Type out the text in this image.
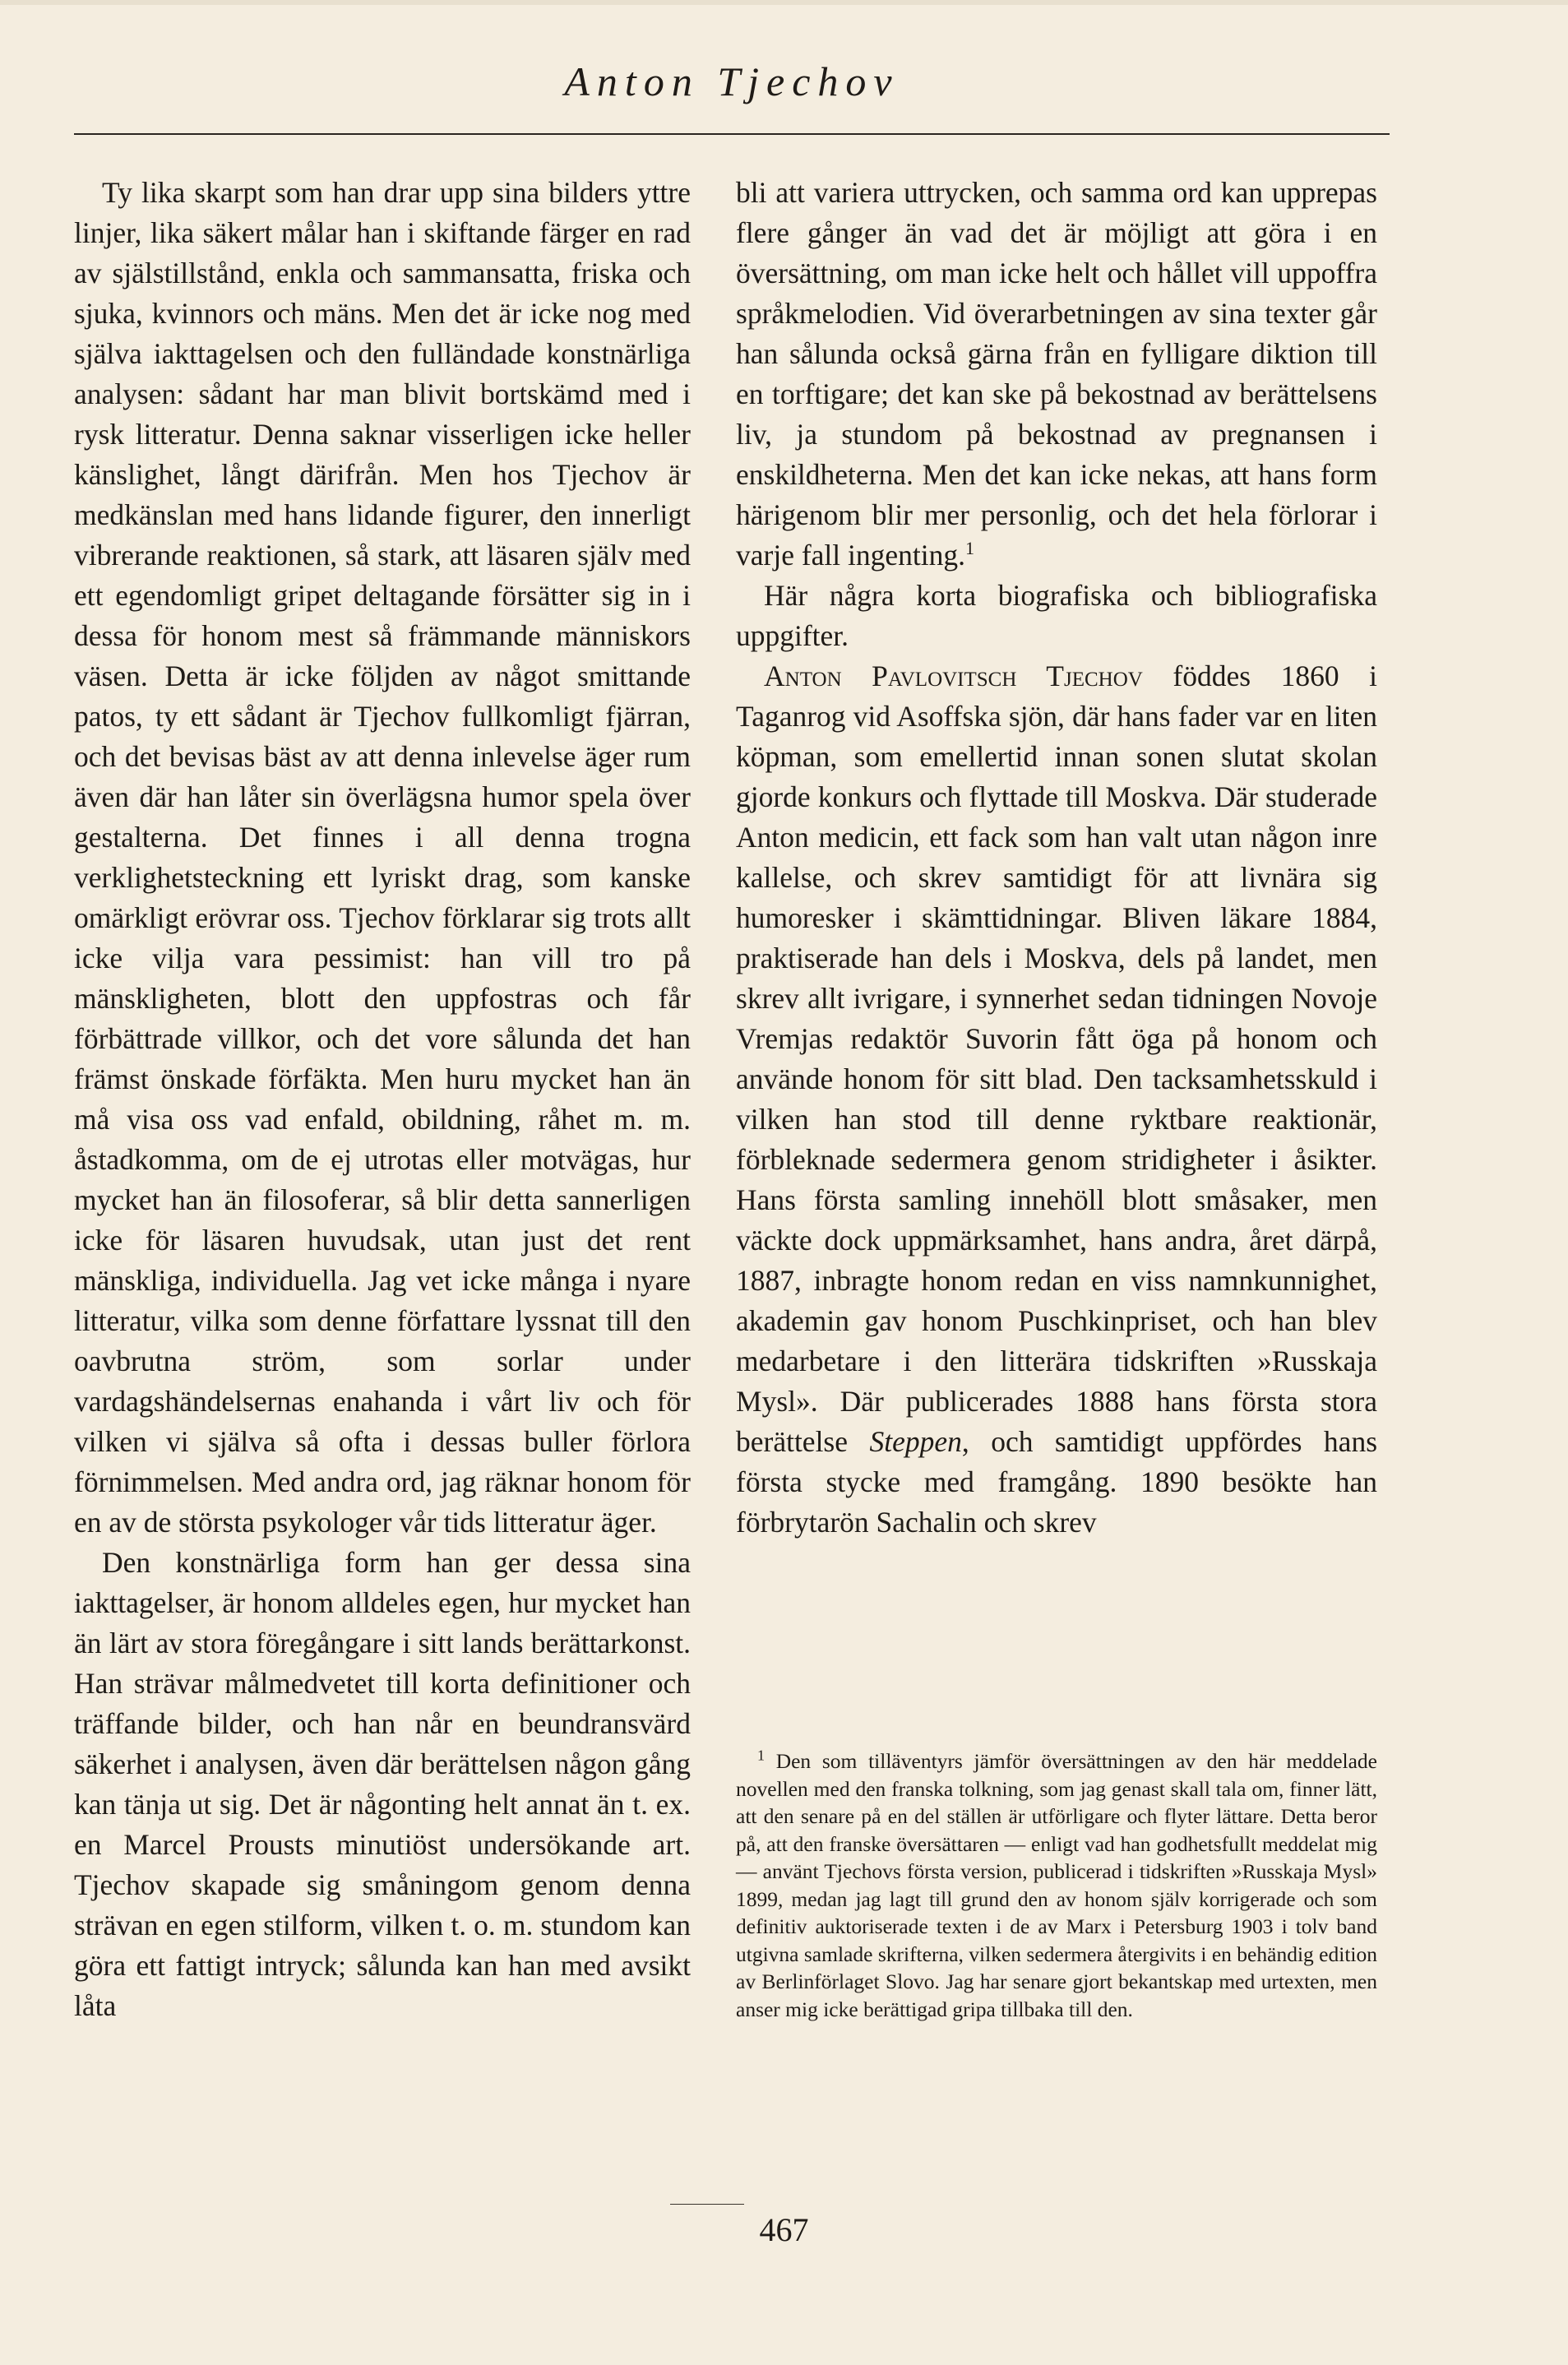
Anton Tjechov

Ty lika skarpt som han drar upp sina bilders yttre linjer, lika säkert målar han i skiftande färger en rad av själstillstånd, enkla och sammansatta, friska och sjuka, kvinnors och mäns. Men det är icke nog med själva iakttagelsen och den fulländade konstnärliga analysen: sådant har man blivit bortskämd med i rysk litteratur. Denna saknar visserligen icke heller känslighet, långt därifrån. Men hos Tjechov är medkänslan med hans lidande figurer, den innerligt vibrerande reaktionen, så stark, att läsaren själv med ett egendomligt gripet deltagande försätter sig in i dessa för honom mest så främmande människors väsen. Detta är icke följden av något smittande patos, ty ett sådant är Tjechov fullkomligt fjärran, och det bevisas bäst av att denna inlevelse äger rum även där han låter sin överlägsna humor spela över gestalterna. Det finnes i all denna trogna verklighetsteckning ett lyriskt drag, som kanske omärkligt erövrar oss. Tjechov förklarar sig trots allt icke vilja vara pessimist: han vill tro på mänskligheten, blott den uppfostras och får förbättrade villkor, och det vore sålunda det han främst önskade förfäkta. Men huru mycket han än må visa oss vad enfald, obildning, råhet m. m. åstadkomma, om de ej utrotas eller motvägas, hur mycket han än filosoferar, så blir detta sannerligen icke för läsaren huvudsak, utan just det rent mänskliga, individuella. Jag vet icke många i nyare litteratur, vilka som denne författare lyssnat till den oavbrutna ström, som sorlar under vardagshändelsernas enahanda i vårt liv och för vilken vi själva så ofta i dessas buller förlora förnimmelsen. Med andra ord, jag räknar honom för en av de största psykologer vår tids litteratur äger.

Den konstnärliga form han ger dessa sina iakttagelser, är honom alldeles egen, hur mycket han än lärt av stora föregångare i sitt lands berättarkonst. Han strävar målmedvetet till korta definitioner och träffande bilder, och han når en beundransvärd säkerhet i analysen, även där berättelsen någon gång kan tänja ut sig. Det är någonting helt annat än t. ex. en Marcel Prousts minutiöst undersökande art. Tjechov skapade sig småningom genom denna strävan en egen stilform, vilken t. o. m. stundom kan göra ett fattigt intryck; sålunda kan han med avsikt låta

bli att variera uttrycken, och samma ord kan upprepas flere gånger än vad det är möjligt att göra i en översättning, om man icke helt och hållet vill uppoffra språkmelodien. Vid överarbetningen av sina texter går han sålunda också gärna från en fylligare diktion till en torftigare; det kan ske på bekostnad av berättelsens liv, ja stundom på bekostnad av pregnansen i enskildheterna. Men det kan icke nekas, att hans form härigenom blir mer personlig, och det hela förlorar i varje fall ingenting.$^1$

Här några korta biografiska och bibliografiska uppgifter.

Anton Pavlovitsch Tjechov föddes 1860 i Taganrog vid Asoffska sjön, där hans fader var en liten köpman, som emellertid innan sonen slutat skolan gjorde konkurs och flyttade till Moskva. Där studerade Anton medicin, ett fack som han valt utan någon inre kallelse, och skrev samtidigt för att livnära sig humoresker i skämttidningar. Bliven läkare 1884, praktiserade han dels i Moskva, dels på landet, men skrev allt ivrigare, i synnerhet sedan tidningen Novoje Vremjas redaktör Suvorin fått öga på honom och använde honom för sitt blad. Den tacksamhetsskuld i vilken han stod till denne ryktbare reaktionär, förbleknade sedermera genom stridigheter i åsikter. Hans första samling innehöll blott småsaker, men väckte dock uppmärksamhet, hans andra, året därpå, 1887, inbragte honom redan en viss namnkunnighet, akademin gav honom Puschkinpriset, och han blev medarbetare i den litterära tidskriften »Russkaja Mysl». Där publicerades 1888 hans första stora berättelse Steppen, och samtidigt uppfördes hans första stycke med framgång. 1890 besökte han förbrytarön Sachalin och skrev

$^1$ Den som tilläventyrs jämför översättningen av den här meddelade novellen med den franska tolkning, som jag genast skall tala om, finner lätt, att den senare på en del ställen är utförligare och flyter lättare. Detta beror på, att den franske översättaren — enligt vad han godhetsfullt meddelat mig — använt Tjechovs första version, publicerad i tidskriften »Russkaja Mysl» 1899, medan jag lagt till grund den av honom själv korrigerade och som definitiv auktoriserade texten i de av Marx i Petersburg 1903 i tolv band utgivna samlade skrifterna, vilken sedermera återgivits i en behändig edition av Berlinförlaget Slovo. Jag har senare gjort bekantskap med urtexten, men anser mig icke berättigad gripa tillbaka till den.
467
